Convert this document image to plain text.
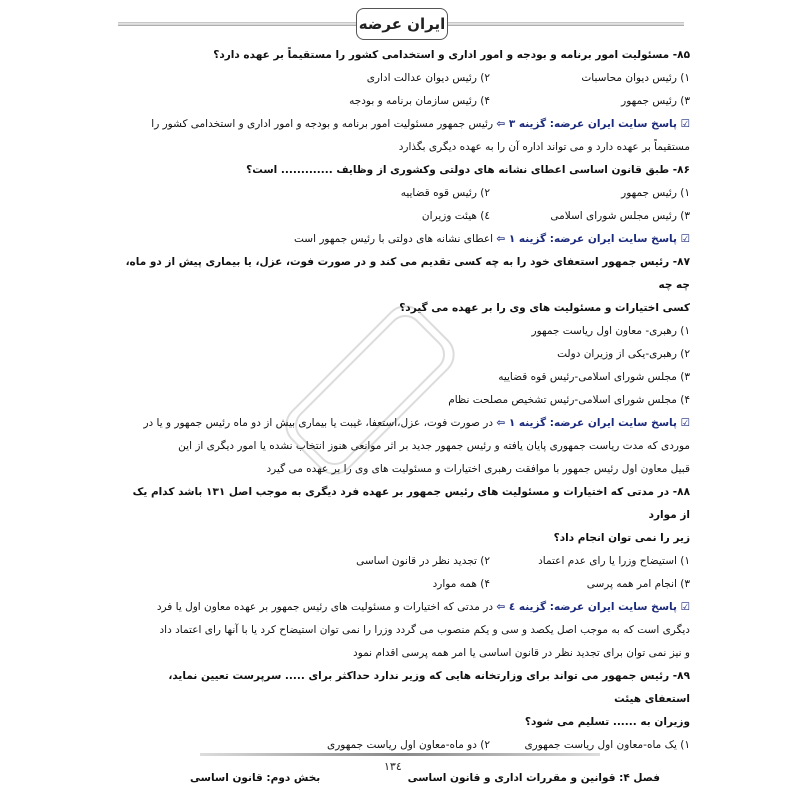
ایران عرضه
۸۵- مسئولیت امور برنامه و بودجه و امور اداری و استخدامی کشور را مستقیماً بر عهده دارد؟
۱) رئیس دیوان محاسبات
۲) رئیس دیوان عدالت اداری
۳) رئیس جمهور
۴) رئیس سازمان برنامه و بودجه
☑ پاسخ سایت ایران عرضه: گزینه ۳ ⇦ رئیس جمهور مسئولیت امور برنامه و بودجه و امور اداری و استخدامی کشور را
مستقیماً بر عهده دارد و می تواند اداره آن را به عهده دیگری بگذارد
۸۶- طبق قانون اساسی اعطای نشانه های دولتی وکشوری از وظایف ............. است؟
۱) رئیس جمهور
۲) رئیس قوه قضاییه
۳) رئیس مجلس شورای اسلامی
٤) هیئت وزیران
☑ پاسخ سایت ایران عرضه: گزینه ۱ ⇦ اعطای نشانه های دولتی با رئیس جمهور است
۸۷- رئیس جمهور استعفای خود را به چه کسی تقدیم می کند و در صورت فوت، عزل، یا بیماری پیش از دو ماه، چه چه
کسی اختیارات و مسئولیت های وی را بر عهده می گیرد؟
۱) رهبری- معاون اول ریاست جمهور
۲) رهبری-یکی از وزیران دولت
۳) مجلس شورای اسلامی-رئیس قوه قضاییه
۴) مجلس شورای اسلامی-رئیس تشخیص مصلحت نظام
☑ پاسخ سایت ایران عرضه: گزینه ۱ ⇦ در صورت فوت، عزل،استعفا، غیبت یا بیماری بیش از دو ماه رئیس جمهور و یا در
موردی که مدت ریاست جمهوری پایان یافته و رئیس جمهور جدید بر اثر موانعی هنوز انتخاب نشده یا امور دیگری از این
قبیل معاون اول رئیس جمهور با موافقت رهبری اختیارات و مسئولیت های وی را بر عهده می گیرد
۸۸- در مدتی که اختیارات و مسئولیت های رئیس جمهور بر عهده فرد دیگری به موجب اصل ۱۳۱ باشد کدام یک از موارد
زیر را نمی توان انجام داد؟
۱) استیضاح وزرا یا رای عدم اعتماد
۲) تجدید نظر در قانون اساسی
۳) انجام امر همه پرسی
۴) همه موارد
☑ پاسخ سایت ایران عرضه: گزینه ٤ ⇦ در مدتی که اختیارات و مسئولیت های رئیس جمهور بر عهده معاون اول یا فرد
دیگری است که به موجب اصل یکصد و سی و یکم منصوب می گردد وزرا را نمی توان استیضاح کرد یا با آنها رای اعتماد داد
و نیز نمی توان برای تجدید نظر در قانون اساسی یا امر همه پرسی اقدام نمود
۸۹- رئیس جمهور می تواند برای وزارتخانه هایی که وزیر ندارد حداکثر برای ..... سرپرست تعیین نماید، استعفای هیئت
وزیران به ...... تسلیم می شود؟
۱) یک ماه-معاون اول ریاست جمهوری
۲) دو ماه-معاون اول ریاست جمهوری
۱۳٤
فصل ۴: قوانین و مقررات اداری و قانون اساسی
بخش دوم: قانون اساسی
